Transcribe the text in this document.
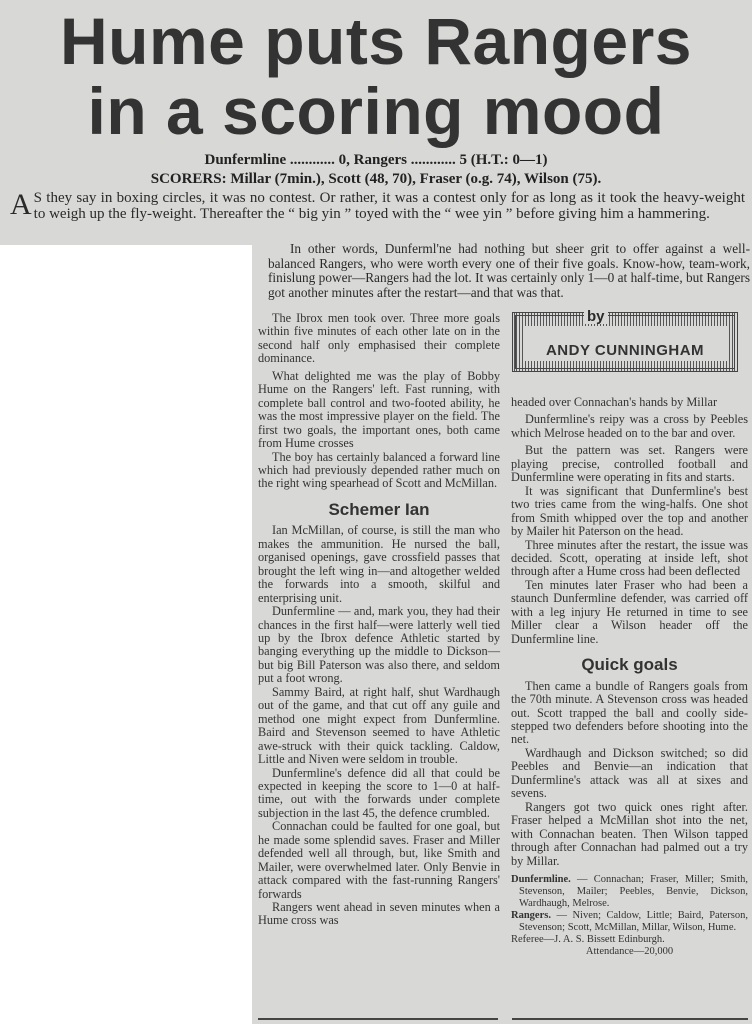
Hume puts Rangers
in a scoring mood
Dunfermline ............ 0, Rangers ............ 5 (H.T.: 0—1)
SCORERS: Millar (7min.), Scott (48, 70), Fraser (o.g. 74), Wilson (75).
A S they say in boxing circles, it was no contest. Or rather, it was a contest only for as long as it took the heavy-weight to weigh up the fly-weight. Thereafter the “ big yin ” toyed with the “ wee yin ” before giving him a hammering.

In other words, Dunferml'ne had nothing but sheer grit to offer against a well-balanced Rangers, who were worth every one of their five goals. Know-how, team-work, finislung power—Rangers had the lot. It was certainly only 1—0 at half-time, but Rangers got another minutes after the restart—and that was that.

by
ANDY CUNNINGHAM

The Ibrox men took over. Three more goals within five minutes of each other late on in the second half only emphasised their complete dominance.

What delighted me was the play of Bobby Hume on the Rangers' left. Fast running, with complete ball control and two-footed ability, he was the most impressive player on the field. The first two goals, the important ones, both came from Hume crosses

The boy has certainly balanced a forward line which had previously depended rather much on the right wing spearhead of Scott and McMillan.

Schemer Ian

Ian McMillan, of course, is still the man who makes the ammunition. He nursed the ball, organised openings, gave crossfield passes that brought the left wing in—and altogether welded the forwards into a smooth, skilful and enterprising unit.

Dunfermline — and, mark you, they had their chances in the first half—were latterly well tied up by the Ibrox defence Athletic started by banging everything up the middle to Dickson—but big Bill Paterson was also there, and seldom put a foot wrong.

Sammy Baird, at right half, shut Wardhaugh out of the game, and that cut off any guile and method one might expect from Dunfermline. Baird and Stevenson seemed to have Athletic awe-struck with their quick tackling. Caldow, Little and Niven were seldom in trouble.

Dunfermline's defence did all that could be expected in keeping the score to 1—0 at half-time, out with the forwards under complete subjection in the last 45, the defence crumbled.

Connachan could be faulted for one goal, but he made some splendid saves. Fraser and Miller defended well all through, but, like Smith and Mailer, were overwhelmed later. Only Benvie in attack compared with the fast-running Rangers' forwards

Rangers went ahead in seven minutes when a Hume cross was

headed over Connachan's hands by Millar

Dunfermline's reipy was a cross by Peebles which Melrose headed on to the bar and over.

But the pattern was set. Rangers were playing precise, controlled football and Dunfermline were operating in fits and starts.

It was significant that Dunfermline's best two tries came from the wing-halfs. One shot from Smith whipped over the top and another by Mailer hit Paterson on the head.

Three minutes after the restart, the issue was decided. Scott, operating at inside left, shot through after a Hume cross had been deflected

Ten minutes later Fraser who had been a staunch Dunfermline defender, was carried off with a leg injury He returned in time to see Miller clear a Wilson header off the Dunfermline line.

Quick goals

Then came a bundle of Rangers goals from the 70th minute. A Stevenson cross was headed out. Scott trapped the ball and coolly side-stepped two defenders before shooting into the net.

Wardhaugh and Dickson switched; so did Peebles and Benvie—an indication that Dunfermline's attack was all at sixes and sevens.

Rangers got two quick ones right after. Fraser helped a McMillan shot into the net, with Connachan beaten. Then Wilson tapped through after Connachan had palmed out a try by Millar.

Dunfermline. — Connachan; Fraser, Miller; Smith, Stevenson, Mailer; Peebles, Benvie, Dickson, Wardhaugh, Melrose.

Rangers. — Niven; Caldow, Little; Baird, Paterson, Stevenson; Scott, McMillan, Millar, Wilson, Hume.

Referee—J. A. S. Bissett Edinburgh.

Attendance—20,000
